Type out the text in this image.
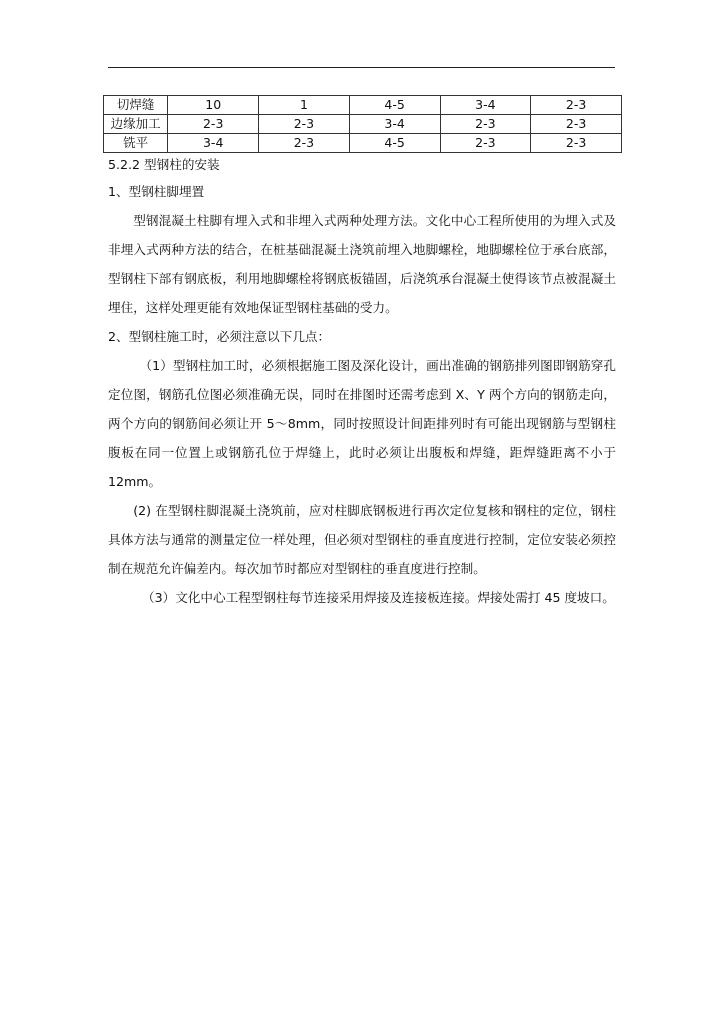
切焊缝	10	1	4-5	3-4	2-3
边缘加工	2-3	2-3	3-4	2-3	2-3
铣平	3-4	2-3	4-5	2-3	2-3

5.2.2 型钢柱的安装

1、型钢柱脚埋置

型钢混凝土柱脚有埋入式和非埋入式两种处理方法。文化中心工程所使用的为埋入式及非埋入式两种方法的结合，在桩基础混凝土浇筑前埋入地脚螺栓，地脚螺栓位于承台底部，型钢柱下部有钢底板，利用地脚螺栓将钢底板锚固，后浇筑承台混凝土使得该节点被混凝土埋住，这样处理更能有效地保证型钢柱基础的受力。

2、型钢柱施工时，必须注意以下几点：

（1）型钢柱加工时，必须根据施工图及深化设计，画出准确的钢筋排列图即钢筋穿孔定位图，钢筋孔位图必须准确无误，同时在排图时还需考虑到 X、Y 两个方向的钢筋走向， 两个方向的钢筋间必须让开 5～8mm，同时按照设计间距排列时有可能出现钢筋与型钢柱腹板在同一位置上或钢筋孔位于焊缝上，此时必须让出腹板和焊缝，距焊缝距离不小于 12mm。

(2) 在型钢柱脚混凝土浇筑前，应对柱脚底钢板进行再次定位复核和钢柱的定位，钢柱具体方法与通常的测量定位一样处理，但必须对型钢柱的垂直度进行控制，定位安装必须控制在规范允许偏差内。每次加节时都应对型钢柱的垂直度进行控制。

（3）文化中心工程型钢柱每节连接采用焊接及连接板连接。焊接处需打 45 度坡口。
